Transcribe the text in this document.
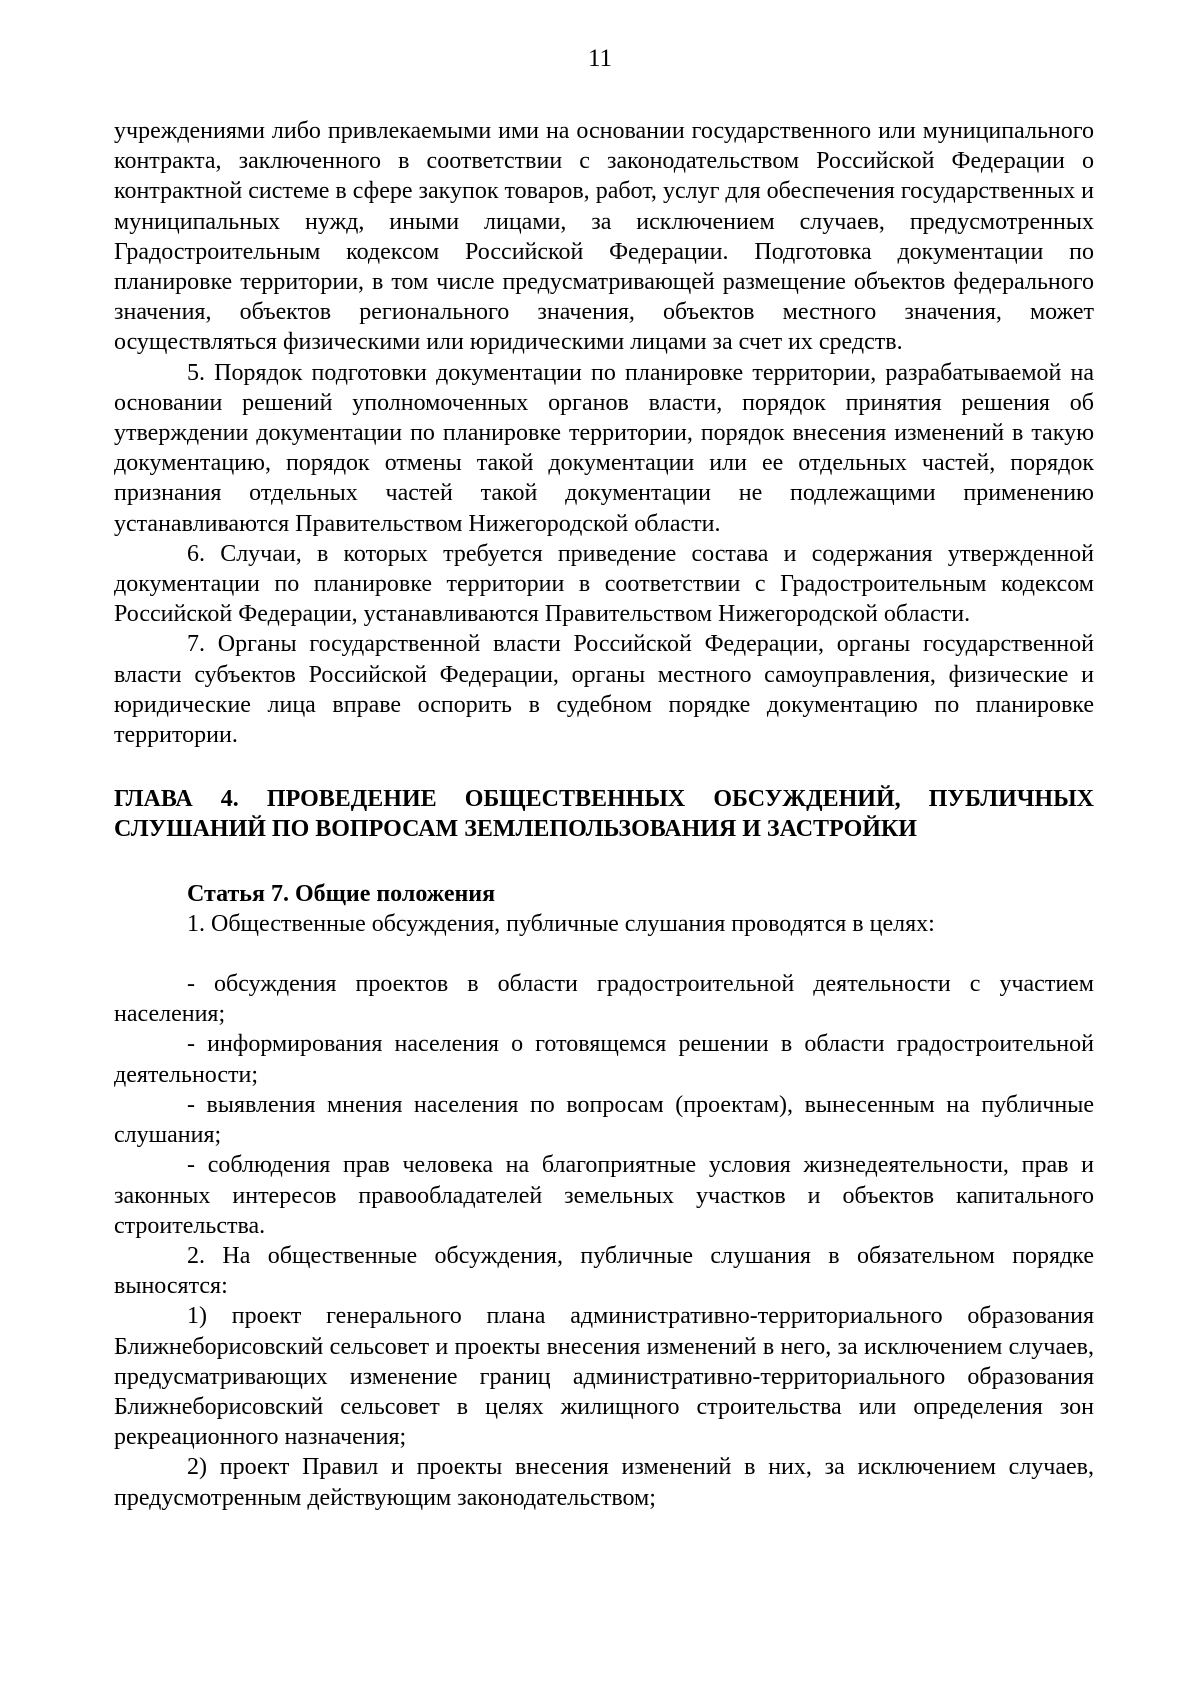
11

учреждениями либо привлекаемыми ими на основании государственного или муниципального контракта, заключенного в соответствии с законодательством Российской Федерации о контрактной системе в сфере закупок товаров, работ, услуг для обеспечения государственных и муниципальных нужд, иными лицами, за исключением случаев, предусмотренных Градостроительным кодексом Российской Федерации. Подготовка документации по планировке территории, в том числе предусматривающей размещение объектов федерального значения, объектов регионального значения, объектов местного значения, может осуществляться физическими или юридическими лицами за счет их средств.

5. Порядок подготовки документации по планировке территории, разрабатываемой на основании решений уполномоченных органов власти, порядок принятия решения об утверждении документации по планировке территории, порядок внесения изменений в такую документацию, порядок отмены такой документации или ее отдельных частей, порядок признания отдельных частей такой документации не подлежащими применению устанавливаются Правительством Нижегородской области.

6. Случаи, в которых требуется приведение состава и содержания утвержденной документации по планировке территории в соответствии с Градостроительным кодексом Российской Федерации, устанавливаются Правительством Нижегородской области.

7. Органы государственной власти Российской Федерации, органы государственной власти субъектов Российской Федерации, органы местного самоуправления, физические и юридические лица вправе оспорить в судебном порядке документацию по планировке территории.

ГЛАВА 4. ПРОВЕДЕНИЕ ОБЩЕСТВЕННЫХ ОБСУЖДЕНИЙ, ПУБЛИЧНЫХ СЛУШАНИЙ ПО ВОПРОСАМ ЗЕМЛЕПОЛЬЗОВАНИЯ И ЗАСТРОЙКИ

Статья 7. Общие положения

1. Общественные обсуждения, публичные слушания проводятся в целях:

- обсуждения проектов в области градостроительной деятельности с участием населения;

- информирования населения о готовящемся решении в области градостроительной деятельности;

- выявления мнения населения по вопросам (проектам), вынесенным на публичные слушания;

- соблюдения прав человека на благоприятные условия жизнедеятельности, прав и законных интересов правообладателей земельных участков и объектов капитального строительства.

2. На общественные обсуждения, публичные слушания в обязательном порядке выносятся:

1) проект генерального плана административно-территориального образования Ближнеборисовский сельсовет и проекты внесения изменений в него, за исключением случаев, предусматривающих изменение границ административно-территориального образования Ближнеборисовский сельсовет в целях жилищного строительства или определения зон рекреационного назначения;

2) проект Правил и проекты внесения изменений в них, за исключением случаев, предусмотренным действующим законодательством;
